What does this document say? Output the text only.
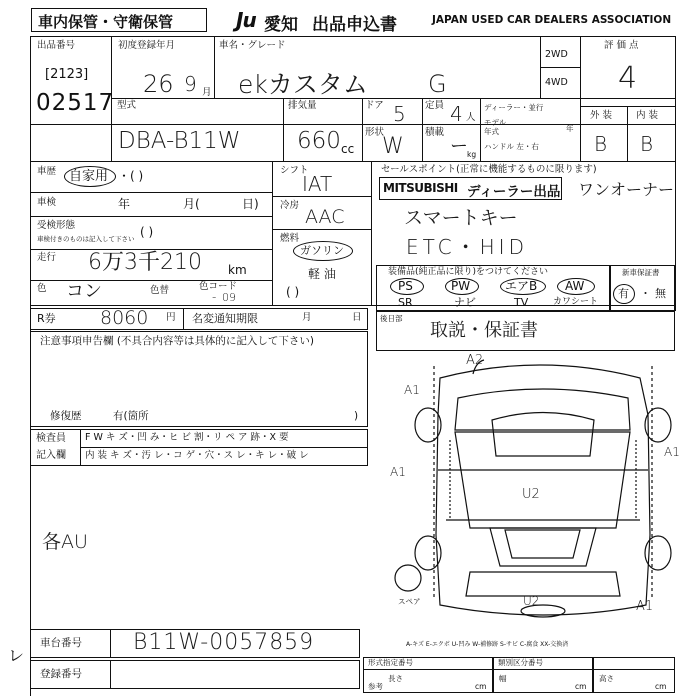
車内保管・守衛保管	Ju 愛知 出品申込書	JAPAN USED CAR DEALERS ASSOCIATION
出品番号
[2123]
02517
初度登録年月
26 9 月
車名・グレード
ekカスタム	G
2WD
4WD
評 価 点
4
外 装	内 装
B B
型式
DBA-B11W
排気量
660 cc
ドア 5 定員 4 人
形状
W
積載
ー kg
ディーラー・並行
モデル
年
年式
ハンドル 左・右
車歴 自家用 ・( )
車検	年	月(	日)
受検形態
車検付きのものは記入して下さい ( )
走行 6万3千210 km
色 コン	色替	色コード
- 09
シフト
IAT
冷房
AAC
燃料
ガソリン
軽 油
( )
セールスポイント(正常に機能するものに限ります)
MITSUBISHI ディーラー出品 ワンオーナー
スマートキー
ETC・HID
装備品(純正品に限り)をつけてください
PS	PW	エアB AW
SR	ナビ	TV	カワシート
新車保証書
有 ・ 無
R券 8060 円 名変通知期限	月	日 後日部
取説・保証書
注意事項申告欄 (不具合内容等は具体的に記入して下さい)
修復歴	有(箇所	)
検査員
記入欄
F W キ ズ・凹 み・ヒ ビ 割・リ ペ ア 跡・X 要
内 装 キ ズ・汚 レ・コ ゲ・穴・ス レ・キ レ・破 レ
各AU
車台番号 B11W-0057859
登録番号
レ
A2
A1
A1
A1
U2
U2	A1
スペア
A-キズ E-エクボ U-凹み W-補修跡 S-サビ C-腐食 XX-交換済
形式指定番号	類別区分番号
長さ
cm
幅
cm
高さ
cm
参考
